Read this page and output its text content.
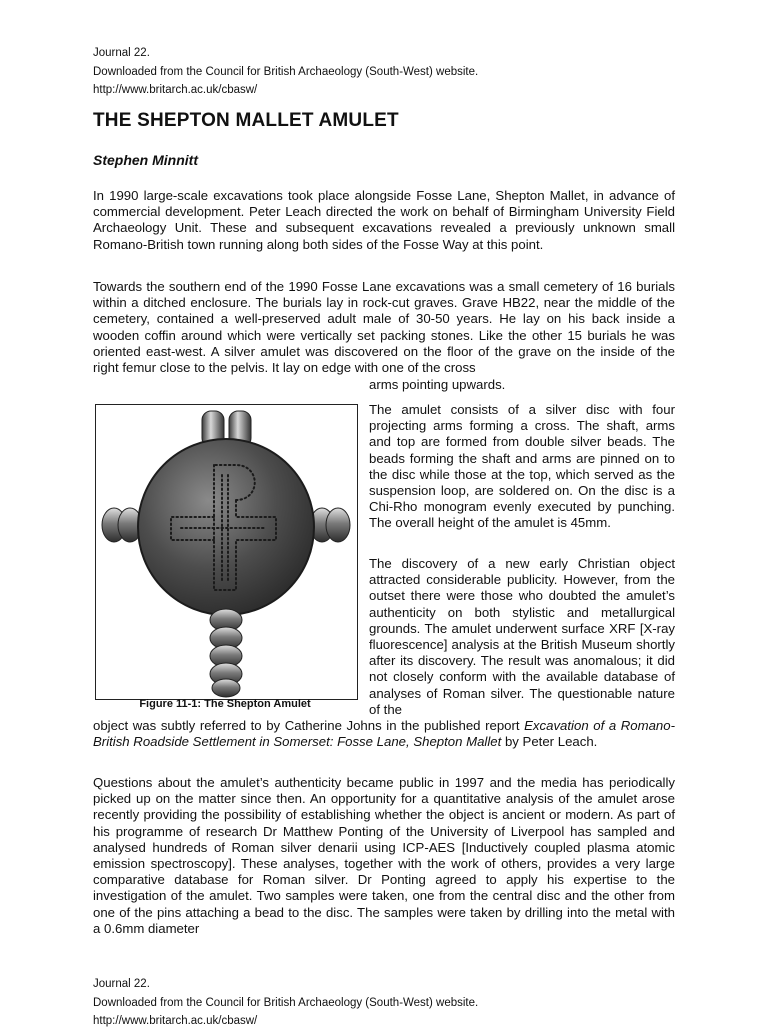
Journal 22.
Downloaded from the Council for British Archaeology (South-West) website.
http://www.britarch.ac.uk/cbasw/
THE SHEPTON MALLET AMULET
Stephen Minnitt

In 1990 large-scale excavations took place alongside Fosse Lane, Shepton Mallet, in advance of commercial development. Peter Leach directed the work on behalf of Birmingham University Field Archaeology Unit. These and subsequent excavations revealed a previously unknown small Romano-British town running along both sides of the Fosse Way at this point.

Towards the southern end of the 1990 Fosse Lane excavations was a small cemetery of 16 burials within a ditched enclosure. The burials lay in rock-cut graves. Grave HB22, near the middle of the cemetery, contained a well-preserved adult male of 30-50 years. He lay on his back inside a wooden coffin around which were vertically set packing stones. Like the other 15 burials he was oriented east-west. A silver amulet was discovered on the floor of the grave on the inside of the right femur close to the pelvis. It lay on edge with one of the cross

arms pointing upwards.

Figure 11-1: The Shepton Amulet

The amulet consists of a silver disc with four projecting arms forming a cross. The shaft, arms and top are formed from double silver beads. The beads forming the shaft and arms are pinned on to the disc while those at the top, which served as the suspension loop, are soldered on. On the disc is a Chi-Rho monogram evenly executed by punching. The overall height of the amulet is 45mm.

The discovery of a new early Christian object attracted considerable publicity. However, from the outset there were those who doubted the amulet’s authenticity on both stylistic and metallurgical grounds. The amulet underwent surface XRF [X-ray fluorescence] analysis at the British Museum shortly after its discovery. The result was anomalous; it did not closely conform with the available database of analyses of Roman silver. The questionable nature of the

object was subtly referred to by Catherine Johns in the published report Excavation of a Romano-British Roadside Settlement in Somerset: Fosse Lane, Shepton Mallet by Peter Leach.

Questions about the amulet’s authenticity became public in 1997 and the media has periodically picked up on the matter since then. An opportunity for a quantitative analysis of the amulet arose recently providing the possibility of establishing whether the object is ancient or modern. As part of his programme of research Dr Matthew Ponting of the University of Liverpool has sampled and analysed hundreds of Roman silver denarii using ICP-AES [Inductively coupled plasma atomic emission spectroscopy]. These analyses, together with the work of others, provides a very large comparative database for Roman silver. Dr Ponting agreed to apply his expertise to the investigation of the amulet. Two samples were taken, one from the central disc and the other from one of the pins attaching a bead to the disc. The samples were taken by drilling into the metal with a 0.6mm diameter

Journal 22.
Downloaded from the Council for British Archaeology (South-West) website.
http://www.britarch.ac.uk/cbasw/
